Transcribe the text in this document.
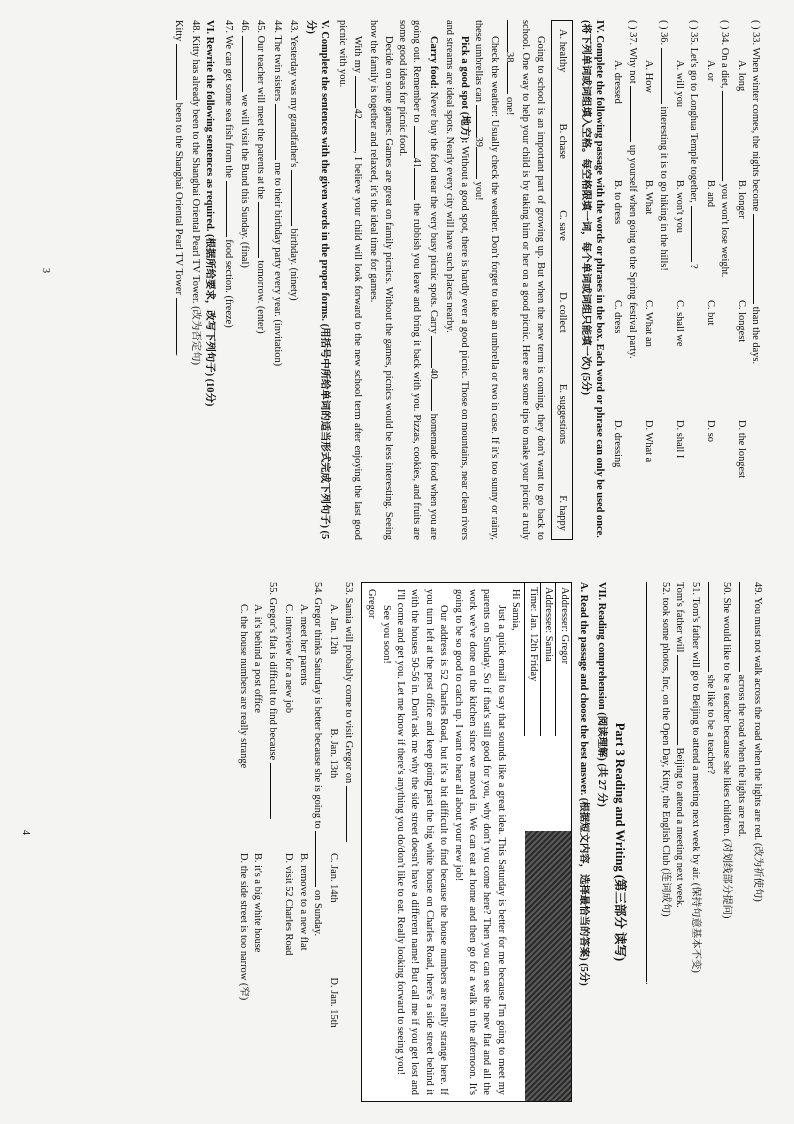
( ) 33. When winter comes, the nights become  than the days.

A. long
B. longer
C. longest
D. the longest

( ) 34. On a diet,  you won't lose weight.

A. or
B. and
C. but
D. so

( ) 35. Let's go to Longhua Temple together,  ?

A. will you
B. won't you
C. shall we
D. shall I

( ) 36.  interesting it is to go hiking in the hills!

A. How
B. What
C. What an
D. What a

( ) 37. Why not  up yourself when going to the Spring festival party.

A. dressed
B. to dress
C. dress
D. dressing

IV. Complete the following passage with the words or phrases in the box. Each word or phrase can only be used once. (将下列单词或词组填入空格。每空格限填一词，每个单词或词组只能填一次) (5分)

A. healthy
B. chase
C. save
D. collect
E. suggestions
F. happy

Going to school is an important part of growing up. But when the new term is coming, they don't want to go back to school. One way to help your child is by taking him or her on a good picnic. Here are some tips to make your picnic a truly 38 one!

Check the weather: Usually check the weather. Don't forget to take an umbrella or two in case. If it's too sunny or rainy, these umbrellas can 39 you!

Pick a good spot (地方): Without a good spot, there is hardly ever a good picnic. Those on mountains, near clean rivers and streams are ideal spots. Nearly every city will have such places nearby.

Carry food: Never buy the food near the very busy picnic spots. Carry 40 homemade food when you are going out. Remember to 41 the rubbish you leave and bring it back with you. Pizzas, cookies, and fruits are some good ideas for picnic food.

Decide on some games: Games are great on family picnics. Without the games, picnics would be less interesting. Seeing how the family is together and relaxed, it's the ideal time for games.

With my 42, I believe your child will look forward to the new school term after enjoying the last good picnic with you.

V. Complete the sentences with the given words in the proper forms. (用括号中所给单词的适当形式完成下列句子) (5分)

43. Yesterday was my grandfather's  birthday. (ninety)

44. The twin sisters  me to their birthday party every year. (invitation)

45. Our teacher will meet the parents at the  tomorrow. (enter)

46.  we will visit the Bund this Sunday. (final)

47. We can get some sea fish from the  food section. (freeze)

VI. Rewrite the following sentences as required. (根据所给要求，改写下列句子) (10分)

48. Kitty has already been to the Shanghai Oriental Pearl TV Tower. (改为否定句)

Kitty  been to the Shanghai Oriental Pearl TV Tower .

3

49. You must not walk across the road when the lights are red. (改为祈使句)

across the road when the lights are red.

50. She would like to be a teacher because she likes children. (对划线部分提问)

she like to be a teacher?

51. Tom's father will go to Beijing to attend a meeting next week by air. (保持句意基本不变)

Tom's father will  Beijing to attend a meeting next week.

52. took some photos, Inc, on the Open Day, Kitty, the English Club (连词成句)

.

Part 3 Reading and Writing (第三部分 读写)

VII. Reading comprehension (阅读理解) (共 27 分)

A. Read the passage and choose the best answer. (根据短文内容，选择最恰当的答案) (5分)

Addresser: Gregor
Addressee: Samia
Time: Jan. 12th Friday

Hi Samia,

Just a quick email to say that sounds like a great idea. This Saturday is better for me because I'm going to meet my parents on Sunday. So if that's still good for you, why don't you come here? Then you can see the new flat and all the work we've done on the kitchen since we moved in. We can eat at home and then go for a walk in the afternoon. It's going to be so good to catch up. I want to hear all about your new job!

Our address is 52 Charles Road, but it's a bit difficult to find because the house numbers are really strange here. If you turn left at the post office and keep going past the big white house on Charles Road, there's a side street behind it with the houses 50-56 in. Don't ask me why the side street doesn't have a different name! But call me if you get lost and I'll come and get you. Let me know if there's anything you do/don't like to eat. Really looking forward to seeing you!

See you soon!

Gregor

53. Samia will probably come to visit Gregor on

A. Jan. 12th
B. Jan. 13th
C. Jan. 14th
D. Jan. 15th

54. Gregor thinks Saturday is better because she is going to  on Sunday.

A. meet her parents
B. remove to a new flat
C. interview for a new job
D. visit 52 Charles Road

55. Gregor's flat is difficult to find because

A. it's behind a post office
B. it's a big white house
C. the house numbers are really strange
D. the side street is too narrow (窄)
4
